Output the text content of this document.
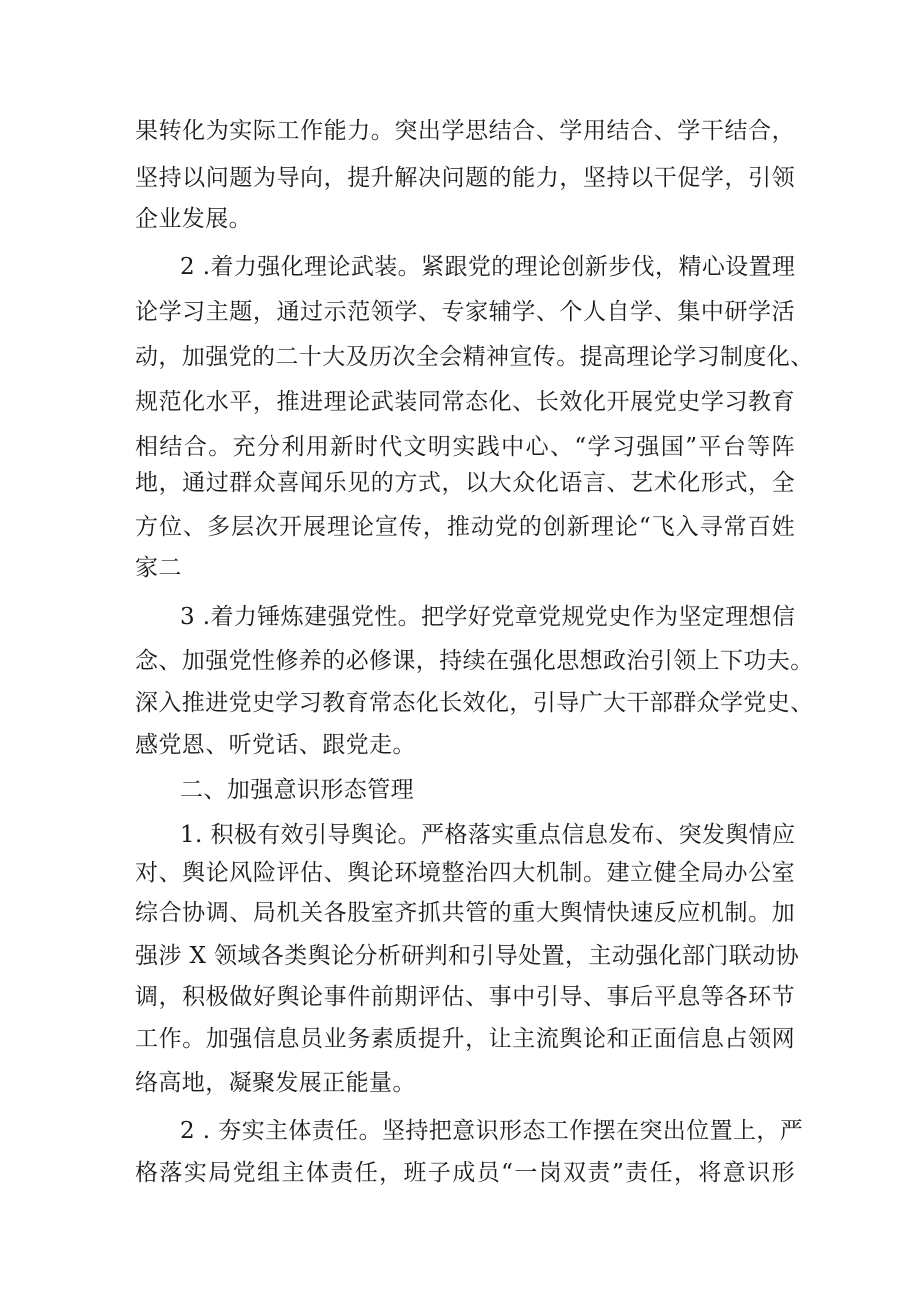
果转化为实际工作能力。突出学思结合、学用结合、学干结合，
坚持以问题为导向，提升解决问题的能力，坚持以干促学，引领
企业发展。
2 .着力强化理论武装。紧跟党的理论创新步伐，精心设置理
论学习主题，通过示范领学、专家辅学、个人自学、集中研学活
动，加强党的二十大及历次全会精神宣传。提高理论学习制度化、
规范化水平，推进理论武装同常态化、长效化开展党史学习教育
相结合。充分利用新时代文明实践中心、“学习强国”平台等阵
地，通过群众喜闻乐见的方式，以大众化语言、艺术化形式，全
方位、多层次开展理论宣传，推动党的创新理论“飞入寻常百姓
家二
3 .着力锤炼建强党性。把学好党章党规党史作为坚定理想信
念、加强党性修养的必修课，持续在强化思想政治引领上下功夫。
深入推进党史学习教育常态化长效化，引导广大干部群众学党史、
感党恩、听党话、跟党走。
二、加强意识形态管理
1. 积极有效引导舆论。严格落实重点信息发布、突发舆情应
对、舆论风险评估、舆论环境整治四大机制。建立健全局办公室
综合协调、局机关各股室齐抓共管的重大舆情快速反应机制。加
强涉 X 领域各类舆论分析研判和引导处置，主动强化部门联动协
调，积极做好舆论事件前期评估、事中引导、事后平息等各环节
工作。加强信息员业务素质提升，让主流舆论和正面信息占领网
络高地，凝聚发展正能量。
2 . 夯实主体责任。坚持把意识形态工作摆在突出位置上，严
格落实局党组主体责任，班子成员“一岗双责”责任，将意识形
